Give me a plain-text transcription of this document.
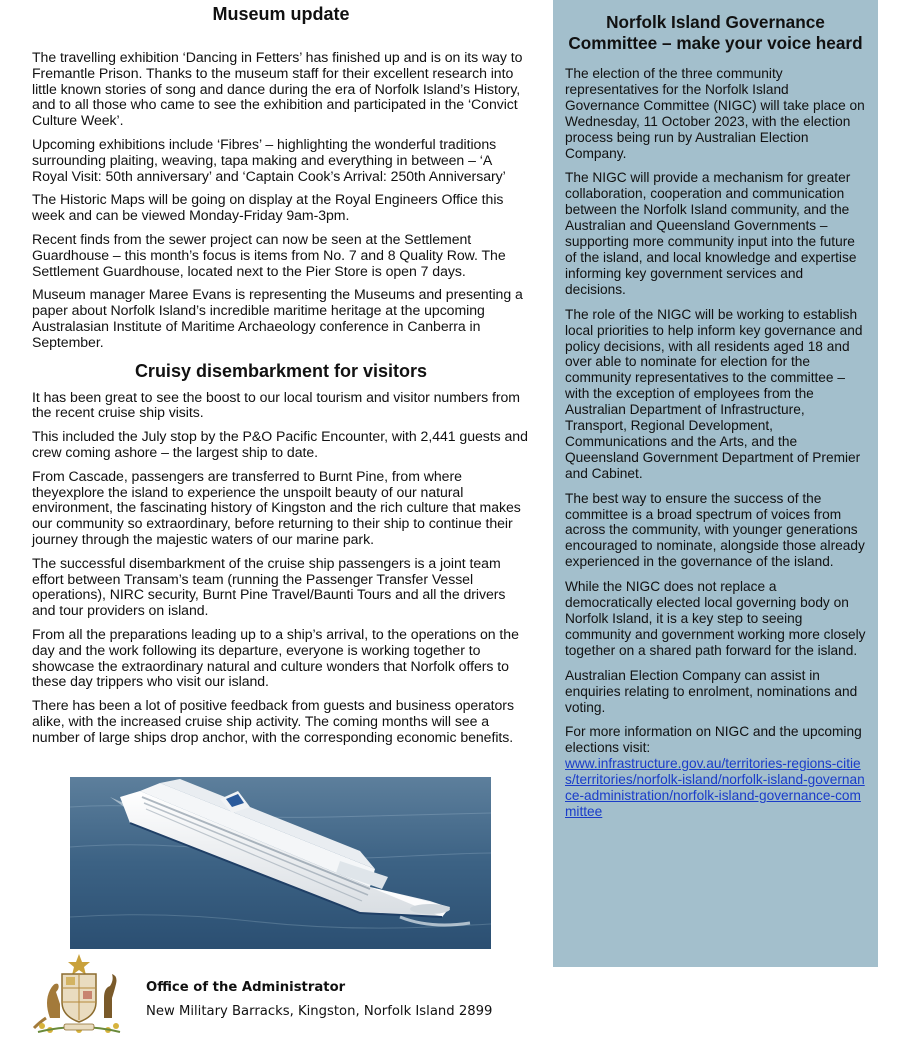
Museum update

The travelling exhibition ‘Dancing in Fetters’ has finished up and is on its way to Fremantle Prison. Thanks to the museum staff for their excellent research into little known stories of song and dance during the era of Norfolk Island’s History, and to all those who came to see the exhibition and participated in the ‘Convict Culture Week’.

Upcoming exhibitions include ‘Fibres’ – highlighting the wonderful traditions surrounding plaiting, weaving, tapa making and everything in between – ‘A Royal Visit: 50th anniversary’ and ‘Captain Cook’s Arrival: 250th Anniversary’

The Historic Maps will be going on display at the Royal Engineers Office this week and can be viewed Monday-Friday 9am-3pm.

Recent finds from the sewer project can now be seen at the Settlement Guardhouse – this month’s focus is items from No. 7 and 8 Quality Row. The Settlement Guardhouse, located next to the Pier Store is open 7 days.

Museum manager Maree Evans is representing the Museums and presenting a paper about Norfolk Island’s incredible maritime heritage at the upcoming Australasian Institute of Maritime Archaeology conference in Canberra in September.

Cruisy disembarkment for visitors

It has been great to see the boost to our local tourism and visitor numbers from the recent cruise ship visits.

This included the July stop by the P&O Pacific Encounter, with 2,441 guests and crew coming ashore – the largest ship to date.

From Cascade, passengers are transferred to Burnt Pine, from where theyexplore the island to experience the unspoilt beauty of our natural environment, the fascinating history of Kingston and the rich culture that makes our community so extraordinary, before returning to their ship to continue their journey through the majestic waters of our marine park.

The successful disembarkment of the cruise ship passengers is a joint team effort between Transam’s team (running the Passenger Transfer Vessel operations), NIRC security, Burnt Pine Travel/Baunti Tours and all the drivers and tour providers on island.

From all the preparations leading up to a ship’s arrival, to the operations on the day and the work following its departure, everyone is working together to showcase the extraordinary natural and culture wonders that Norfolk offers to these day trippers who visit our island.

There has been a lot of positive feedback from guests and business operators alike, with the increased cruise ship activity. The coming months will see a number of large ships drop anchor, with the corresponding economic benefits.

Office of the Administrator
New Military Barracks, Kingston, Norfolk Island 2899
Norfolk Island Governance Committee – make your voice heard

The election of the three community representatives for the Norfolk Island Governance Committee (NIGC) will take place on Wednesday, 11 October 2023, with the election process being run by Australian Election Company.

The NIGC will provide a mechanism for greater collaboration, cooperation and communication between the Norfolk Island community, and the Australian and Queensland Governments – supporting more community input into the future of the island, and local knowledge and expertise informing key government services and decisions.

The role of the NIGC will be working to establish local priorities to help inform key governance and policy decisions, with all residents aged 18 and over able to nominate for election for the community representatives to the committee – with the exception of employees from the Australian Department of Infrastructure, Transport, Regional Development, Communications and the Arts, and the Queensland Government Department of Premier and Cabinet.

The best way to ensure the success of the committee is a broad spectrum of voices from across the community, with younger generations encouraged to nominate, alongside those already experienced in the governance of the island.

While the NIGC does not replace a democratically elected local governing body on Norfolk Island, it is a key step to seeing community and government working more closely together on a shared path forward for the island.

Australian Election Company can assist in enquiries relating to enrolment, nominations and voting.

For more information on NIGC and the upcoming elections visit:
www.infrastructure.gov.au/territories-regions-cities/territories/norfolk-island/norfolk-island-governance-administration/norfolk-island-governance-committee
